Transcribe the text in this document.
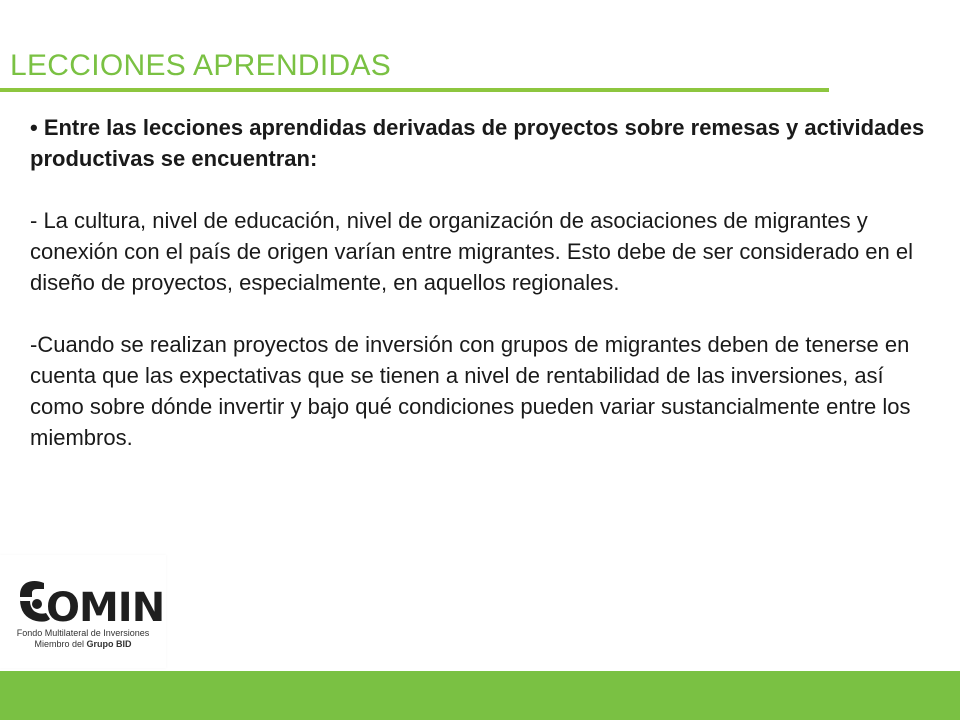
LECCIONES APRENDIDAS

• Entre las lecciones aprendidas derivadas de proyectos sobre remesas y actividades productivas se encuentran:

- La cultura, nivel de educación, nivel de organización de asociaciones de migrantes y conexión con el país de origen varían entre migrantes. Esto debe de ser considerado en el diseño de proyectos, especialmente, en aquellos regionales.

-Cuando se realizan proyectos de inversión con grupos de migrantes deben de tenerse en cuenta que las expectativas que se tienen a nivel de rentabilidad de las inversiones, así como sobre dónde invertir y bajo qué condiciones pueden variar sustancialmente entre los miembros.

OMIN
Fondo Multilateral de Inversiones
Miembro del Grupo BID
